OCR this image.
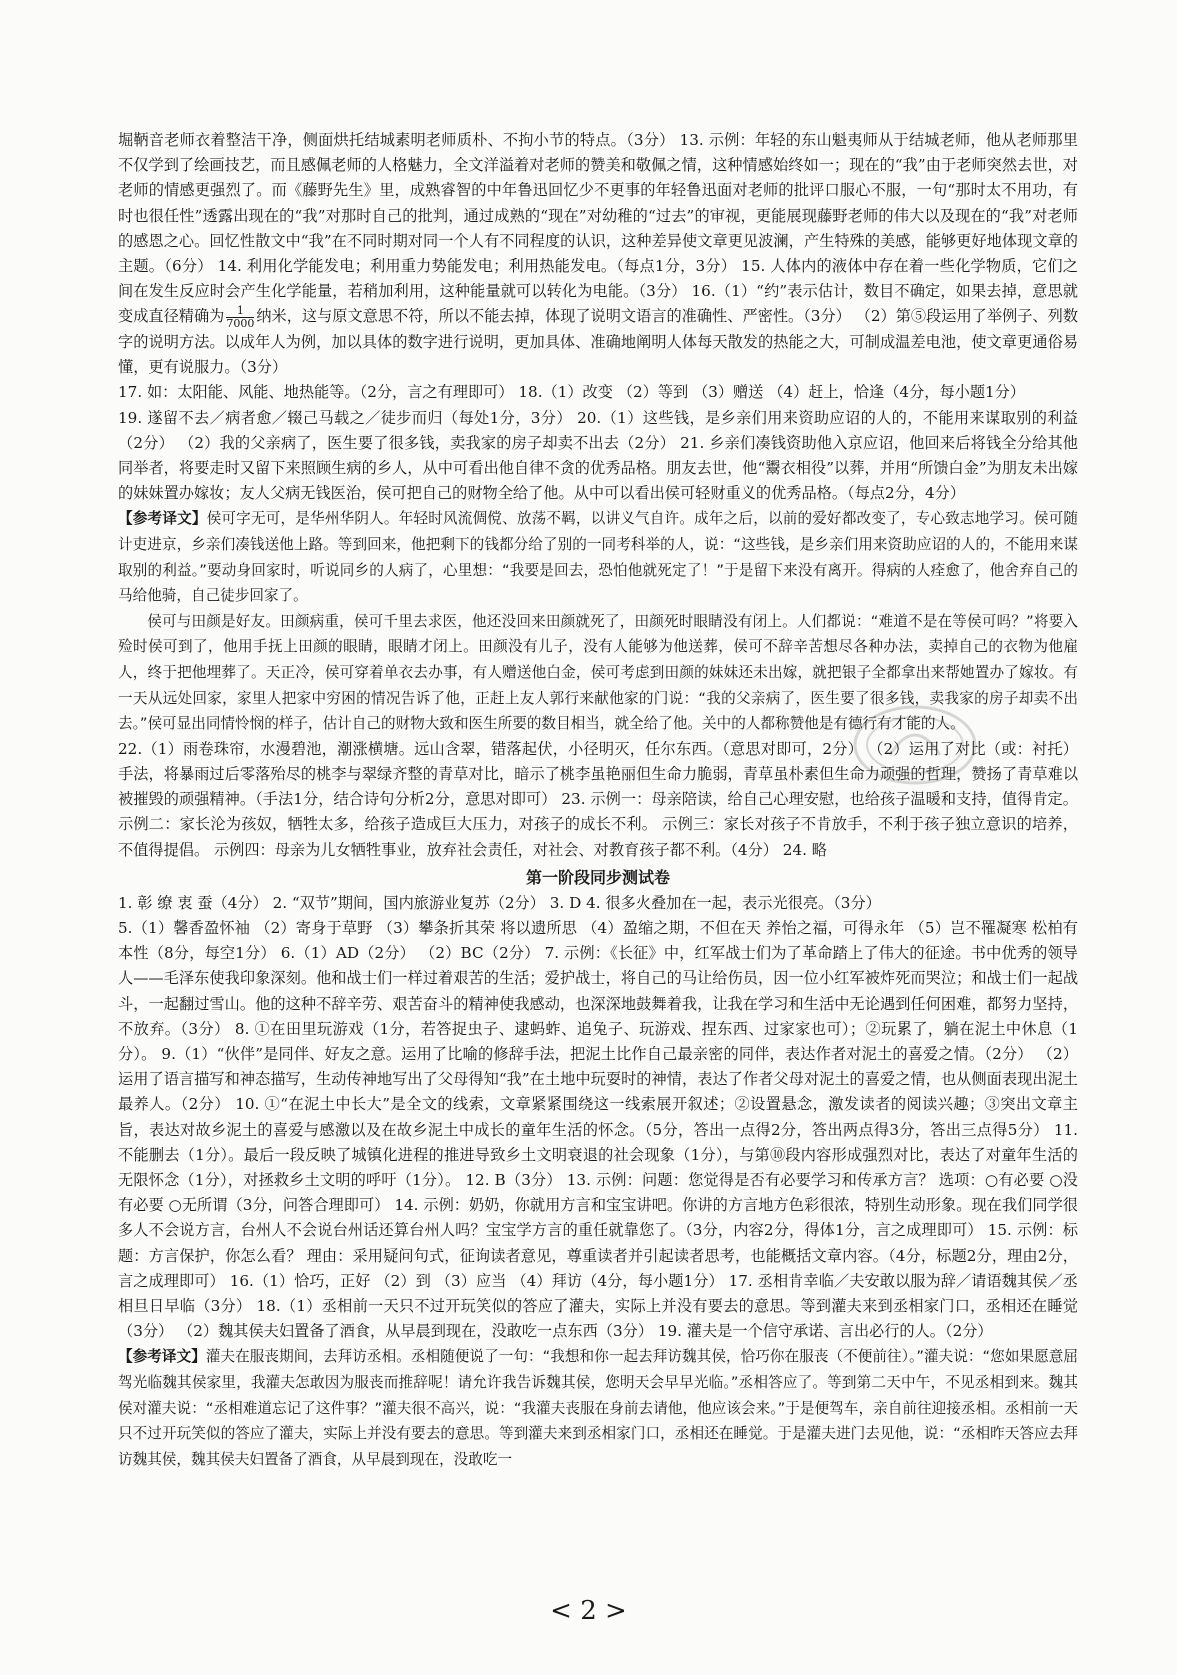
堀鞆音老师衣着整洁干净，侧面烘托结城素明老师质朴、不拘小节的特点。（3分） 13. 示例：年轻的东山魁夷师从于结城老师，他从老师那里不仅学到了绘画技艺，而且感佩老师的人格魅力，全文洋溢着对老师的赞美和敬佩之情，这种情感始终如一；现在的“我”由于老师突然去世，对老师的情感更强烈了。而《藤野先生》里，成熟睿智的中年鲁迅回忆少不更事的年轻鲁迅面对老师的批评口服心不服，一句“那时太不用功，有时也很任性”透露出现在的“我”对那时自己的批判，通过成熟的“现在”对幼稚的“过去”的审视，更能展现藤野老师的伟大以及现在的“我”对老师的感恩之心。回忆性散文中“我”在不同时期对同一个人有不同程度的认识，这种差异使文章更见波澜，产生特殊的美感，能够更好地体现文章的主题。（6分） 14. 利用化学能发电；利用重力势能发电；利用热能发电。（每点1分，3分） 15. 人体内的液体中存在着一些化学物质，它们之间在发生反应时会产生化学能量，若稍加利用，这种能量就可以转化为电能。（3分） 16.（1）“约”表示估计，数目不确定，如果去掉，意思就变成直径精确为 $\frac{1}{7000}$ 纳米，这与原文意思不符，所以不能去掉，体现了说明文语言的准确性、严密性。（3分） （2）第⑤段运用了举例子、列数字的说明方法。以成年人为例，加以具体的数字进行说明，更加具体、准确地阐明人体每天散发的热能之大，可制成温差电池，使文章更通俗易懂，更有说服力。（3分）

17. 如：太阳能、风能、地热能等。（2分，言之有理即可） 18.（1）改变 （2）等到 （3）赠送 （4）赶上，恰逢（4分，每小题1分）

19. 遂留不去／病者愈／辍己马载之／徒步而归（每处1分，3分） 20.（1）这些钱，是乡亲们用来资助应诏的人的，不能用来谋取别的利益（2分） （2）我的父亲病了，医生要了很多钱，卖我家的房子却卖不出去（2分） 21. 乡亲们凑钱资助他入京应诏，他回来后将钱全分给其他同举者，将要走时又留下来照顾生病的乡人，从中可看出他自律不贪的优秀品格。朋友去世，他“鬻衣相役”以葬，并用“所馈白金”为朋友未出嫁的妹妹置办嫁妆；友人父病无钱医治，侯可把自己的财物全给了他。从中可以看出侯可轻财重义的优秀品格。（每点2分，4分）

【参考译文】侯可字无可，是华州华阴人。年轻时风流倜傥、放荡不羁，以讲义气自许。成年之后，以前的爱好都改变了，专心致志地学习。侯可随计吏进京，乡亲们凑钱送他上路。等到回来，他把剩下的钱都分给了别的一同考科举的人，说：“这些钱，是乡亲们用来资助应诏的人的，不能用来谋取别的利益。”要动身回家时，听说同乡的人病了，心里想：“我要是回去，恐怕他就死定了！”于是留下来没有离开。得病的人痊愈了，他舍弃自己的马给他骑，自己徒步回家了。

侯可与田颜是好友。田颜病重，侯可千里去求医，他还没回来田颜就死了，田颜死时眼睛没有闭上。人们都说：“难道不是在等侯可吗？”将要入殓时侯可到了，他用手抚上田颜的眼睛，眼睛才闭上。田颜没有儿子，没有人能够为他送葬，侯可不辞辛苦想尽各种办法，卖掉自己的衣物为他雇人，终于把他埋葬了。天正冷，侯可穿着单衣去办事，有人赠送他白金，侯可考虑到田颜的妹妹还未出嫁，就把银子全都拿出来帮她置办了嫁妆。有一天从远处回家，家里人把家中穷困的情况告诉了他，正赶上友人郭行来献他家的门说：“我的父亲病了，医生要了很多钱，卖我家的房子却卖不出去。”侯可显出同情怜悯的样子，估计自己的财物大致和医生所要的数目相当，就全给了他。关中的人都称赞他是有德行有才能的人。

22.（1）雨卷珠帘，水漫碧池，潮涨横塘。远山含翠，错落起伏，小径明灭，任尔东西。（意思对即可，2分） （2）运用了对比（或：衬托）手法，将暴雨过后零落殆尽的桃李与翠绿齐整的青草对比，暗示了桃李虽艳丽但生命力脆弱，青草虽朴素但生命力顽强的哲理，赞扬了青草难以被摧毁的顽强精神。（手法1分，结合诗句分析2分，意思对即可） 23. 示例一：母亲陪读，给自己心理安慰，也给孩子温暖和支持，值得肯定。 示例二：家长沦为孩奴，牺牲太多，给孩子造成巨大压力，对孩子的成长不利。 示例三：家长对孩子不肯放手，不利于孩子独立意识的培养，不值得提倡。 示例四：母亲为儿女牺牲事业，放弃社会责任，对社会、对教育孩子都不利。（4分） 24. 略

第一阶段同步测试卷

1. 彰 缭 衷 蚕（4分） 2. “双节”期间，国内旅游业复苏（2分） 3. D 4. 很多火叠加在一起，表示光很亮。（3分）

5.（1）馨香盈怀袖 （2）寄身于草野 （3）攀条折其荣 将以遗所思 （4）盈缩之期，不但在天 养怡之福，可得永年 （5）岂不罹凝寒 松柏有本性（8分，每空1分） 6.（1）AD（2分） （2）BC（2分） 7. 示例：《长征》中，红军战士们为了革命踏上了伟大的征途。书中优秀的领导人——毛泽东使我印象深刻。他和战士们一样过着艰苦的生活；爱护战士，将自己的马让给伤员，因一位小红军被炸死而哭泣；和战士们一起战斗，一起翻过雪山。他的这种不辞辛劳、艰苦奋斗的精神使我感动，也深深地鼓舞着我，让我在学习和生活中无论遇到任何困难，都努力坚持，不放弃。（3分） 8. ①在田里玩游戏（1分，若答捉虫子、逮蚂蚱、追兔子、玩游戏、捏东西、过家家也可）；②玩累了，躺在泥土中休息（1分）。 9.（1）“伙伴”是同伴、好友之意。运用了比喻的修辞手法，把泥土比作自己最亲密的同伴，表达作者对泥土的喜爱之情。（2分） （2）运用了语言描写和神态描写，生动传神地写出了父母得知“我”在土地中玩耍时的神情，表达了作者父母对泥土的喜爱之情，也从侧面表现出泥土最养人。（2分） 10. ①“在泥土中长大”是全文的线索，文章紧紧围绕这一线索展开叙述；②设置悬念，激发读者的阅读兴趣；③突出文章主旨，表达对故乡泥土的喜爱与感激以及在故乡泥土中成长的童年生活的怀念。（5分，答出一点得2分，答出两点得3分，答出三点得5分） 11. 不能删去（1分）。最后一段反映了城镇化进程的推进导致乡土文明衰退的社会现象（1分），与第⑩段内容形成强烈对比，表达了对童年生活的无限怀念（1分），对拯救乡土文明的呼吁（1分）。 12. B（3分） 13. 示例：问题：您觉得是否有必要学习和传承方言？ 选项：○有必要 ○没有必要 ○无所谓（3分，问答合理即可） 14. 示例：奶奶，你就用方言和宝宝讲吧。你讲的方言地方色彩很浓，特别生动形象。现在我们同学很多人不会说方言，台州人不会说台州话还算台州人吗？宝宝学方言的重任就靠您了。（3分，内容2分，得体1分，言之成理即可） 15. 示例：标题：方言保护，你怎么看？ 理由：采用疑问句式，征询读者意见，尊重读者并引起读者思考，也能概括文章内容。（4分，标题2分，理由2分，言之成理即可） 16.（1）恰巧，正好 （2）到 （3）应当 （4）拜访（4分，每小题1分） 17. 丞相肯幸临／夫安敢以服为辞／请语魏其侯／丞相旦日早临（3分） 18.（1）丞相前一天只不过开玩笑似的答应了灌夫，实际上并没有要去的意思。等到灌夫来到丞相家门口，丞相还在睡觉（3分） （2）魏其侯夫妇置备了酒食，从早晨到现在，没敢吃一点东西（3分） 19. 灌夫是一个信守承诺、言出必行的人。（2分）

【参考译文】灌夫在服丧期间，去拜访丞相。丞相随便说了一句：“我想和你一起去拜访魏其侯，恰巧你在服丧（不便前往）。”灌夫说：“您如果愿意屈驾光临魏其侯家里，我灌夫怎敢因为服丧而推辞呢！请允许我告诉魏其侯，您明天会早早光临。”丞相答应了。等到第二天中午，不见丞相到来。魏其侯对灌夫说：“丞相难道忘记了这件事？”灌夫很不高兴，说：“我灌夫丧服在身前去请他，他应该会来。”于是便驾车，亲自前往迎接丞相。丞相前一天只不过开玩笑似的答应了灌夫，实际上并没有要去的意思。等到灌夫来到丞相家门口，丞相还在睡觉。于是灌夫进门去见他，说：“丞相昨天答应去拜访魏其侯，魏其侯夫妇置备了酒食，从早晨到现在，没敢吃一

< 2 >
